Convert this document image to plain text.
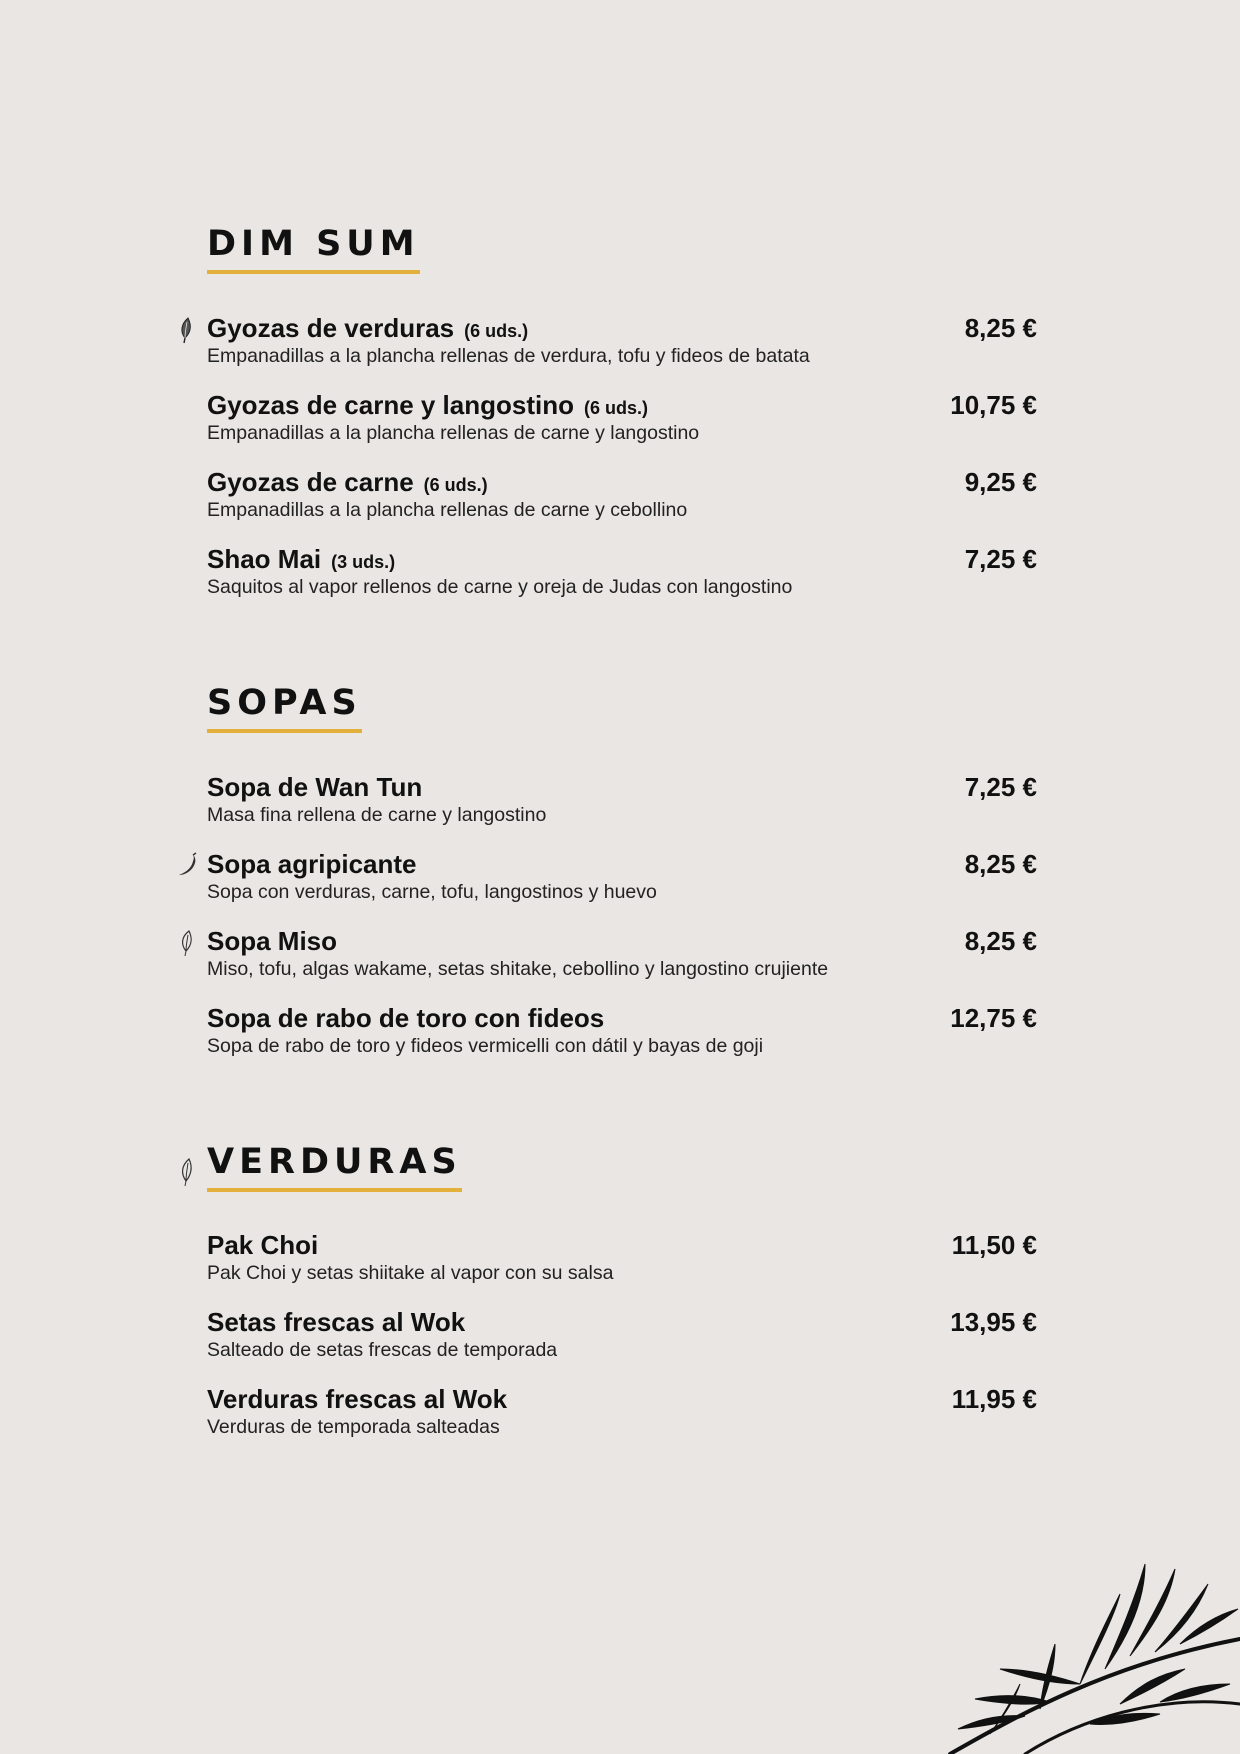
DIM SUM
Gyozas de verduras (6 uds.)
Empanadillas a la plancha rellenas de verdura, tofu y fideos de batata
8,25 €
Gyozas de carne y langostino (6 uds.)
Empanadillas a la plancha rellenas de carne y langostino
10,75 €
Gyozas de carne (6 uds.)
Empanadillas a la plancha rellenas de carne y cebollino
9,25 €
Shao Mai (3 uds.)
Saquitos al vapor rellenos de carne y oreja de Judas con langostino
7,25 €
SOPAS
Sopa de Wan Tun
Masa fina rellena de carne y langostino
7,25 €
Sopa agripicante
Sopa con verduras, carne, tofu, langostinos y huevo
8,25 €
Sopa Miso
Miso, tofu, algas wakame, setas shitake, cebollino y langostino crujiente
8,25 €
Sopa de rabo de toro con fideos
Sopa de rabo de toro y fideos vermicelli con dátil y bayas de goji
12,75 €
VERDURAS
Pak Choi
Pak Choi y setas shiitake al vapor con su salsa
11,50 €
Setas frescas al Wok
Salteado de setas frescas de temporada
13,95 €
Verduras frescas al Wok
Verduras de temporada salteadas
11,95 €
